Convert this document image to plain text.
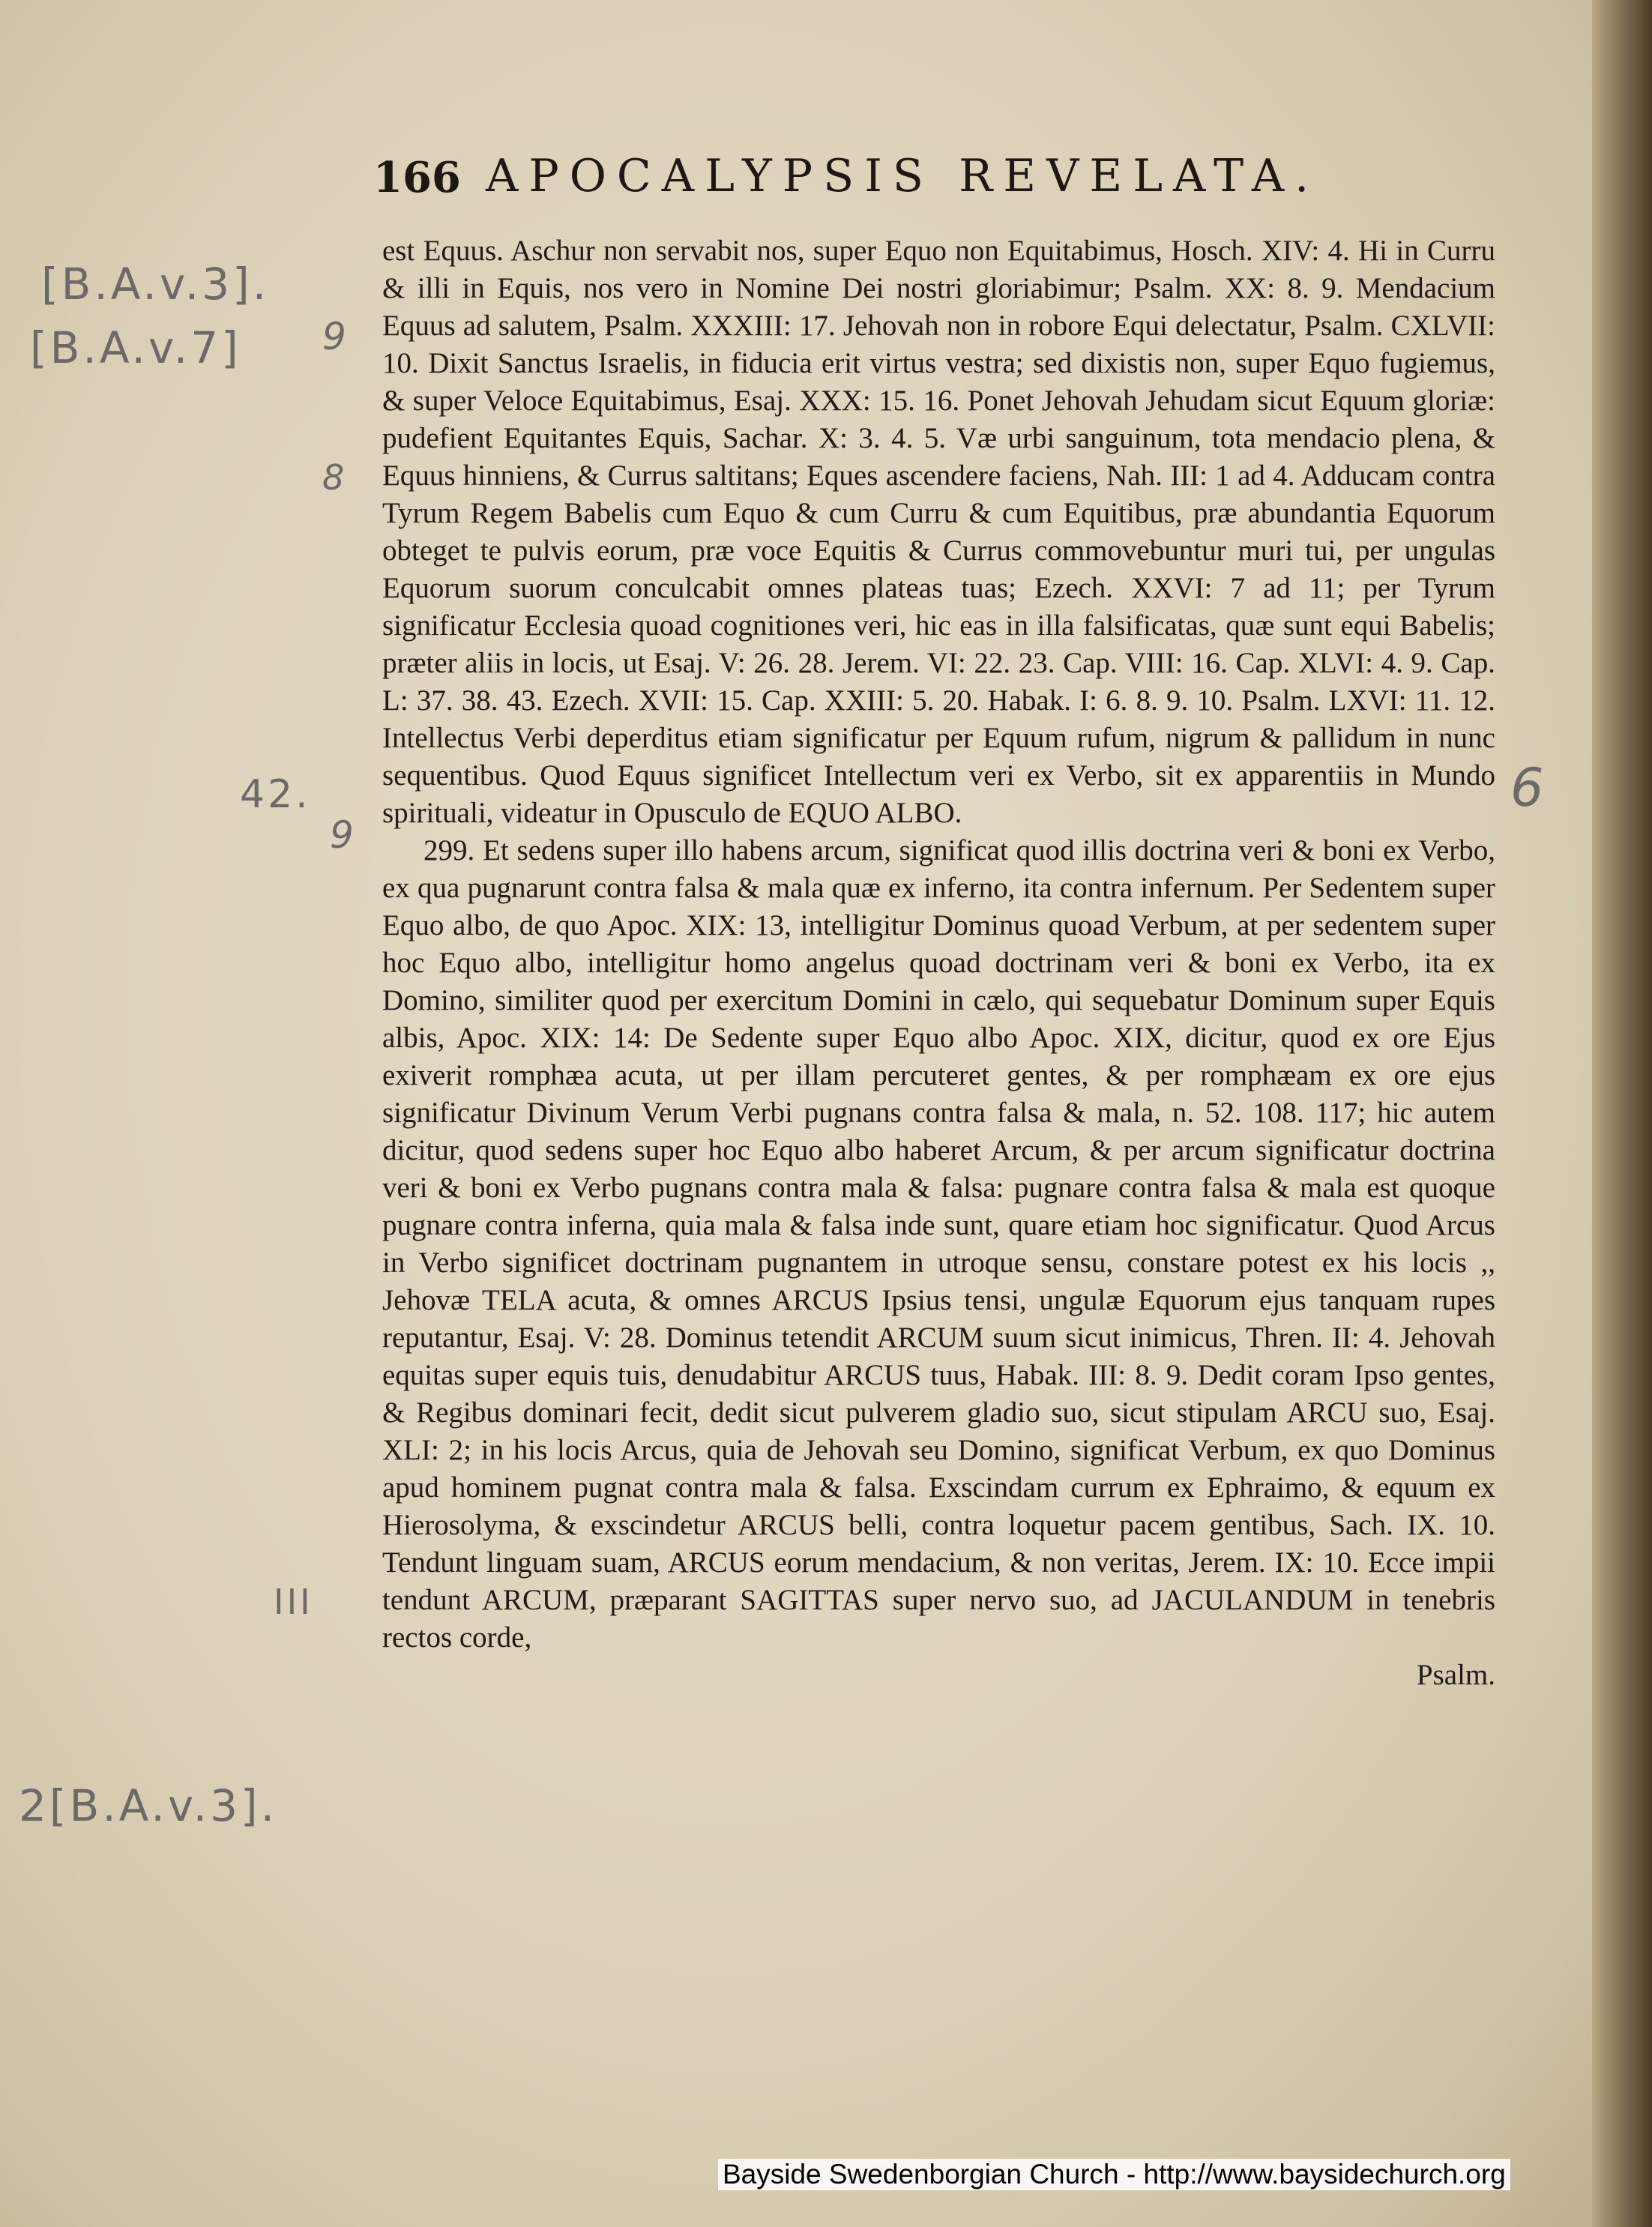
166 APOCALYPSIS REVELATA.

est Equus. Aschur non servabit nos, super Equo non Equitabimus, Hosch. XIV: 4. Hi in Curru & illi in Equis, nos vero in Nomine Dei nostri gloriabimur; Psalm. XX: 8. 9. Mendacium Equus ad salutem, Psalm. XXXIII: 17. Jehovah non in robore Equi delectatur, Psalm. CXLVII: 10. Dixit Sanctus Israelis, in fiducia erit virtus vestra; sed dixistis non, super Equo fugiemus, & super Veloce Equitabimus, Esaj. XXX: 15. 16. Ponet Jehovah Jehudam sicut Equum gloriæ: pudefient Equitantes Equis, Sachar. X: 3. 4. 5. Væ urbi sanguinum, tota mendacio plena, & Equus hinniens, & Currus saltitans; Eques ascendere faciens, Nah. III: 1 ad 4. Adducam contra Tyrum Regem Babelis cum Equo & cum Curru & cum Equitibus, præ abundantia Equorum obteget te pulvis eorum, præ voce Equitis & Currus commovebuntur muri tui, per ungulas Equorum suorum conculcabit omnes plateas tuas; Ezech. XXVI: 7 ad 11; per Tyrum significatur Ecclesia quoad cognitiones veri, hic eas in illa falsificatas, quæ sunt equi Babelis; præter aliis in locis, ut Esaj. V: 26. 28. Jerem. VI: 22. 23. Cap. VIII: 16. Cap. XLVI: 4. 9. Cap. L: 37. 38. 43. Ezech. XVII: 15. Cap. XXIII: 5. 20. Habak. I: 6. 8. 9. 10. Psalm. LXVI: 11. 12. Intellectus Verbi deperditus etiam significatur per Equum rufum, nigrum & pallidum in nunc sequentibus. Quod Equus significet Intellectum veri ex Verbo, sit ex apparentiis in Mundo spirituali, videatur in Opusculo de EQUO ALBO.

299. Et sedens super illo habens arcum, significat quod illis doctrina veri & boni ex Verbo, ex qua pugnarunt contra falsa & mala quæ ex inferno, ita contra infernum. Per Sedentem super Equo albo, de quo Apoc. XIX: 13, intelligitur Dominus quoad Verbum, at per sedentem super hoc Equo albo, intelligitur homo angelus quoad doctrinam veri & boni ex Verbo, ita ex Domino, similiter quod per exercitum Domini in cælo, qui sequebatur Dominum super Equis albis, Apoc. XIX: 14: De Sedente super Equo albo Apoc. XIX, dicitur, quod ex ore Ejus exiverit romphæa acuta, ut per illam percuteret gentes, & per romphæam ex ore ejus significatur Divinum Verum Verbi pugnans contra falsa & mala, n. 52. 108. 117; hic autem dicitur, quod sedens super hoc Equo albo haberet Arcum, & per arcum significatur doctrina veri & boni ex Verbo pugnans contra mala & falsa: pugnare contra falsa & mala est quoque pugnare contra inferna, quia mala & falsa inde sunt, quare etiam hoc significatur. Quod Arcus in Verbo significet doctrinam pugnantem in utroque sensu, constare potest ex his locis ,, Jehovæ TELA acuta, & omnes ARCUS Ipsius tensi, ungulæ Equorum ejus tanquam rupes reputantur, Esaj. V: 28. Dominus tetendit ARCUM suum sicut inimicus, Thren. II: 4. Jehovah equitas super equis tuis, denudabitur ARCUS tuus, Habak. III: 8. 9. Dedit coram Ipso gentes, & Regibus dominari fecit, dedit sicut pulverem gladio suo, sicut stipulam ARCU suo, Esaj. XLI: 2; in his locis Arcus, quia de Jehovah seu Domino, significat Verbum, ex quo Dominus apud hominem pugnat contra mala & falsa. Exscindam currum ex Ephraimo, & equum ex Hierosolyma, & exscindetur ARCUS belli, contra loquetur pacem gentibus, Sach. IX. 10. Tendunt linguam suam, ARCUS eorum mendacium, & non veritas, Jerem. IX: 10. Ecce impii tendunt ARCUM, præparant SAGITTAS super nervo suo, ad JACULANDUM in tenebris rectos corde,

Psalm.

[B.A.v.3].
[B.A.v.7] 9
8
42.	6
9
III
2[B.A.v.3].
Bayside Swedenborgian Church - http://www.baysidechurch.org
